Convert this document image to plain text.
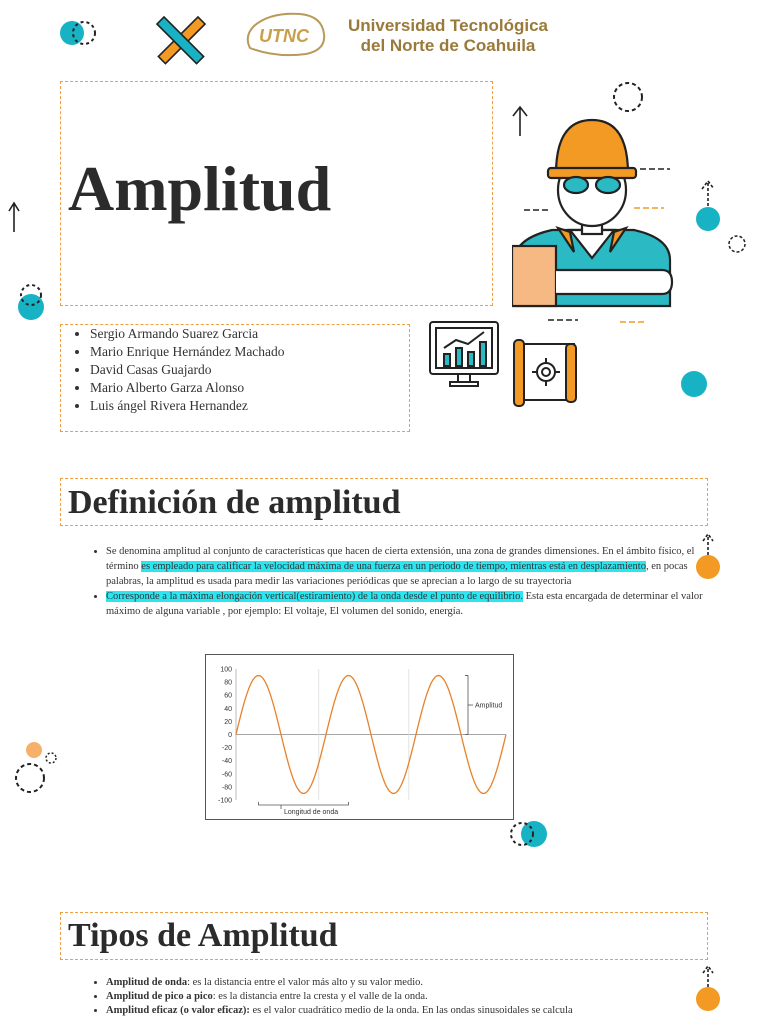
UTNC
Universidad Tecnológica
del Norte de Coahuila
Amplitud
• Sergio Armando Suarez Garcia
• Mario Enrique Hernández Machado
• David Casas Guajardo
• Mario Alberto Garza Alonso
• Luis ángel Rivera Hernandez
Definición de amplitud
• Se denomina amplitud al conjunto de características que hacen de cierta extensión, una zona de grandes dimensiones. En el ámbito físico, el término es empleado para calificar la velocidad máxima de una fuerza en un periodo de tiempo, mientras está en desplazamiento, en pocas palabras, la amplitud es usada para medir las variaciones periódicas que se aprecian a lo largo de su trayectoria
• Corresponde a la máxima elongación vertical(estiramiento) de la onda desde el punto de equilibrio. Esta esta encargada de determinar el valor máximo de alguna variable , por ejemplo: El voltaje, El volumen del sonido, energía.
100
80
60
40
20
0
-20
-40
-60
-80
-100
Amplitud
Longitud de onda
Tipos de Amplitud
• Amplitud de onda: es la distancia entre el valor más alto y su valor medio.
• Amplitud de pico a pico: es la distancia entre la cresta y el valle de la onda.
• Amplitud eficaz (o valor eficaz): es el valor cuadrático medio de la onda. En las ondas sinusoidales se calcula
